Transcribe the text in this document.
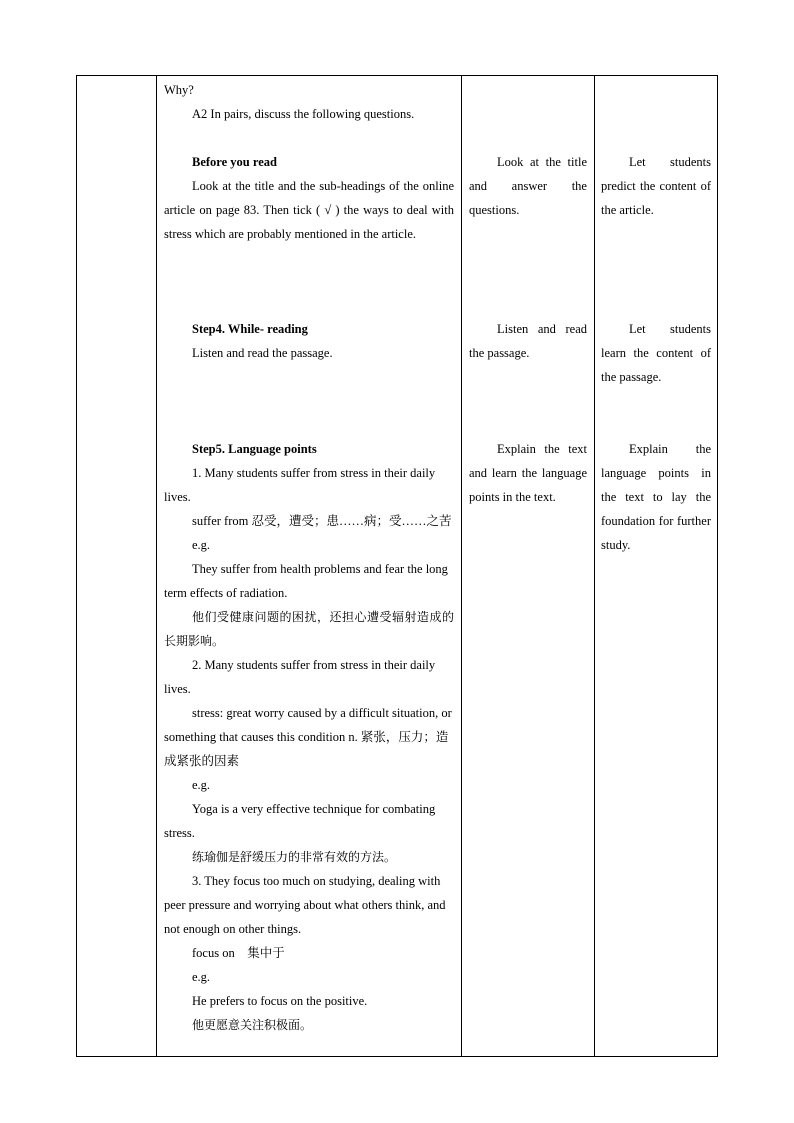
Why?

A2 In pairs, discuss the following questions.

Before you read

Look at the title and the sub-headings of the online article on page 83. Then tick ( √ ) the ways to deal with stress which are probably mentioned in the article.

Step4. While- reading

Listen and read the passage.

Step5. Language points

1. Many students suffer from stress in their daily lives.

suffer from 忍受，遭受；患……病；受……之苦

e.g.

They suffer from health problems and fear the long term effects of radiation.

他们受健康问题的困扰，还担心遭受辐射造成的长期影响。

2. Many students suffer from stress in their daily lives.

stress: great worry caused by a difficult situation, or something that causes this condition n. 紧张，压力；造成紧张的因素

e.g.

Yoga is a very effective technique for combating stress.

练瑜伽是舒缓压力的非常有效的方法。

3. They focus too much on studying, dealing with peer pressure and worrying about what others think, and not enough on other things.

focus on    集中于

e.g.

He prefers to focus on the positive.

他更愿意关注积极面。

Look at the title and answer the questions.

Listen and read the passage.

Explain the text and learn the language points in the text.

Let students predict the content of the article.

Let students learn the content of the passage.

Explain the language points in the text to lay the foundation for further study.
